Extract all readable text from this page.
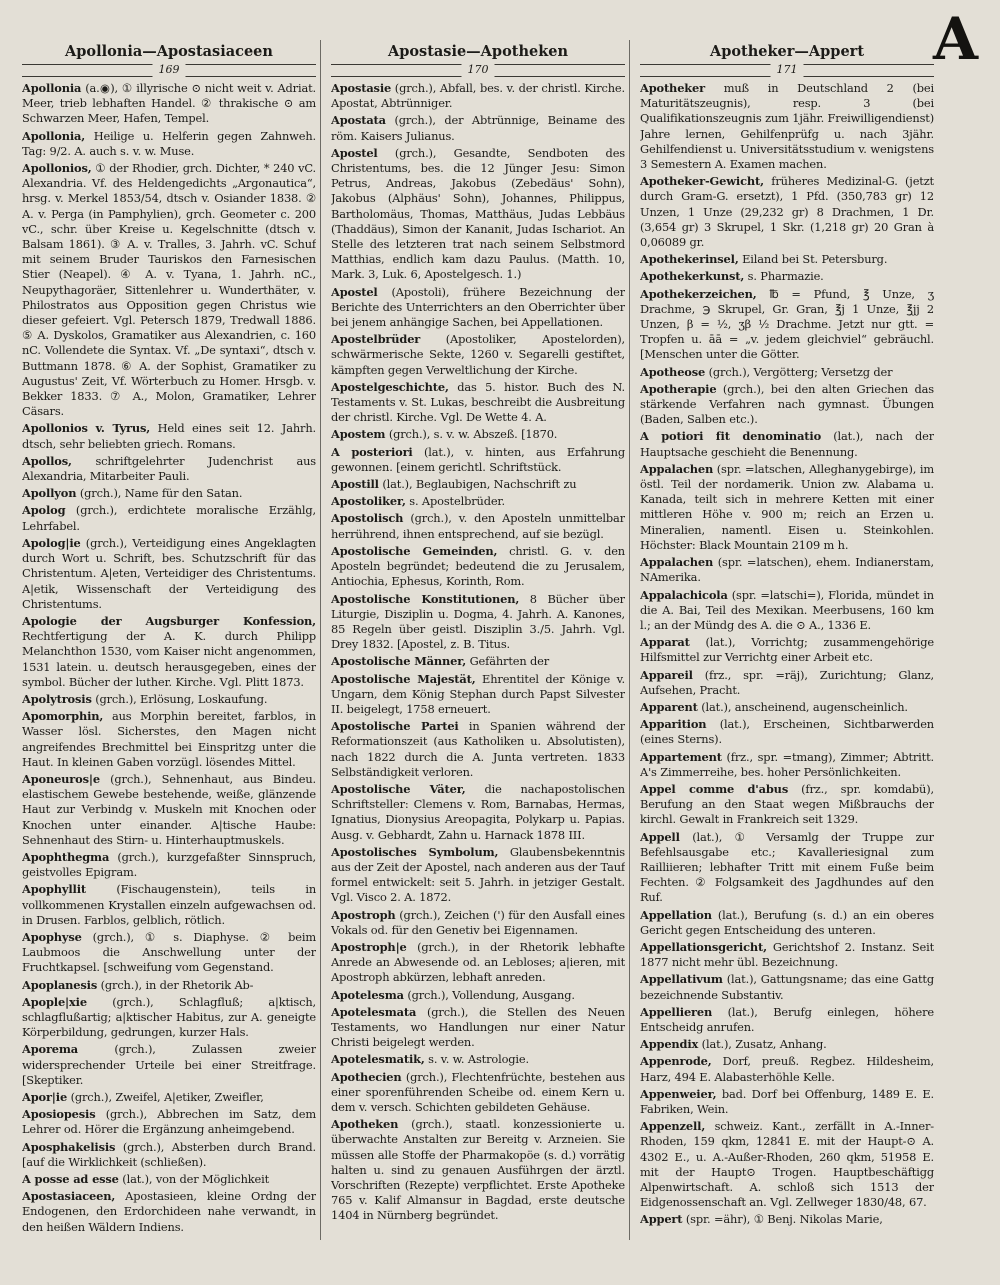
A
Apollonia—Apostasiaceen
169

Apollonia (a.◉), ① illyrische ⊙ nicht weit v. Adriat. Meer, trieb lebhaften Handel. ② thrakische ⊙ am Schwarzen Meer, Hafen, Tempel.

Apollonia, Heilige u. Helferin gegen Zahnweh. Tag: 9/2. A. auch s. v. w. Muse.

Apollonios, ① der Rhodier, grch. Dichter, * 240 vC. Alexandria. Vf. des Heldengedichts „Argonautica“, hrsg. v. Merkel 1853/54, dtsch v. Osiander 1838. ② A. v. Perga (in Pamphylien), grch. Geometer c. 200 vC., schr. über Kreise u. Kegelschnitte (dtsch v. Balsam 1861). ③ A. v. Tralles, 3. Jahrh. vC. Schuf mit seinem Bruder Tauriskos den Farnesischen Stier (Neapel). ④ A. v. Tyana, 1. Jahrh. nC., Neupythagoräer, Sittenlehrer u. Wunderthäter, v. Philostratos aus Opposition gegen Christus wie dieser gefeiert. Vgl. Petersch 1879, Tredwall 1886. ⑤ A. Dyskolos, Gramatiker aus Alexandrien, c. 160 nC. Vollendete die Syntax. Vf. „De syntaxi“, dtsch v. Buttmann 1878. ⑥ A. der Sophist, Gramatiker zu Augustus' Zeit, Vf. Wörterbuch zu Homer. Hrsgb. v. Bekker 1833. ⑦ A., Molon, Gramatiker, Lehrer Cäsars.

Apollonios v. Tyrus, Held eines seit 12. Jahrh. dtsch, sehr beliebten griech. Romans.

Apollos, schriftgelehrter Judenchrist aus Alexandria, Mitarbeiter Pauli.

Apollyon (grch.), Name für den Satan.

Apolog (grch.), erdichtete moralische Erzählg, Lehrfabel.

Apolog|ie (grch.), Verteidigung eines Angeklagten durch Wort u. Schrift, bes. Schutzschrift für das Christentum. A|eten, Verteidiger des Christentums. A|etik, Wissenschaft der Verteidigung des Christentums.

Apologie der Augsburger Konfession, Rechtfertigung der A. K. durch Philipp Melanchthon 1530, vom Kaiser nicht angenommen, 1531 latein. u. deutsch herausgegeben, eines der symbol. Bücher der luther. Kirche. Vgl. Plitt 1873.

Apolytrosis (grch.), Erlösung, Loskaufung.

Apomorphin, aus Morphin bereitet, farblos, in Wasser lösl. Sicherstes, den Magen nicht angreifendes Brechmittel bei Einspritzg unter die Haut. In kleinen Gaben vorzügl. lösendes Mittel.

Aponeuros|e (grch.), Sehnenhaut, aus Bindeu. elastischem Gewebe bestehende, weiße, glänzende Haut zur Verbindg v. Muskeln mit Knochen oder Knochen unter einander. A|tische Haube: Sehnenhaut des Stirn- u. Hinterhauptmuskels.

Apophthegma (grch.), kurzgefaßter Sinnspruch, geistvolles Epigram.

Apophyllit	(Fischaugenstein), teils in vollkommenen Krystallen einzeln aufgewachsen od. in Drusen. Farblos, gelblich, rötlich.

Apophyse (grch.), ① s. Diaphyse. ② beim Laubmoos die Anschwellung unter der Fruchtkapsel. [schweifung vom Gegenstand.

Apoplanesis (grch.), in der Rhetorik Ab-

Apople|xie (grch.), Schlagfluß; a|ktisch, schlagflußartig; a|ktischer Habitus, zur A. geneigte Körperbildung, gedrungen, kurzer Hals.

Aporema	(grch.), Zulassen zweier widersprechender Urteile bei einer Streitfrage. [Skeptiker.

Apor|ie (grch.), Zweifel, A|etiker, Zweifler,

Aposiopesis (grch.), Abbrechen im Satz, dem Lehrer od. Hörer die Ergänzung anheimgebend.

Aposphakelisis (grch.), Absterben durch Brand. [auf die Wirklichkeit (schließen).

A posse ad esse (lat.), von der Möglichkeit

Apostasiaceen, Apostasieen, kleine Ordng der Endogenen, den Erdorchideen nahe verwandt, in den heißen Wäldern Indiens.

Apostasie—Apotheken
170

Apostasie (grch.), Abfall, bes. v. der christl. Kirche. Apostat, Abtrünniger.

Apostata (grch.), der Abtrünnige, Beiname des röm. Kaisers Julianus.

Apostel (grch.), Gesandte, Sendboten des Christentums, bes. die 12 Jünger Jesu: Simon Petrus, Andreas, Jakobus (Zebedäus' Sohn), Jakobus (Alphäus' Sohn), Johannes, Philippus, Bartholomäus, Thomas, Matthäus, Judas Lebbäus (Thaddäus), Simon der Kananit, Judas Ischariot. An Stelle des letzteren trat nach seinem Selbstmord Matthias, endlich kam dazu Paulus. (Matth. 10, Mark. 3, Luk. 6, Apostelgesch. 1.)

Apostel (Apostoli), frühere Bezeichnung der Berichte des Unterrichters an den Oberrichter über bei jenem anhängige Sachen, bei Appellationen.

Apostelbrüder (Apostoliker, Apostelorden), schwärmerische Sekte, 1260 v. Segarelli gestiftet, kämpften gegen Verweltlichung der Kirche.

Apostelgeschichte, das 5. histor. Buch des N. Testaments v. St. Lukas, beschreibt die Ausbreitung der christl. Kirche. Vgl. De Wette 4. A.

Apostem (grch.), s. v. w. Abszeß. [1870.

A posteriori (lat.), v. hinten, aus Erfahrung gewonnen. [einem gerichtl. Schriftstück.

Apostill (lat.), Beglaubigen, Nachschrift zu

Apostoliker, s. Apostelbrüder.

Apostolisch (grch.), v. den Aposteln unmittelbar herrührend, ihnen entsprechend, auf sie bezügl.

Apostolische Gemeinden, christl. G. v. den Aposteln begründet; bedeutend die zu Jerusalem, Antiochia, Ephesus, Korinth, Rom.

Apostolische Konstitutionen, 8 Bücher über Liturgie, Disziplin u. Dogma, 4. Jahrh. A. Kanones, 85 Regeln über geistl. Disziplin 3./5. Jahrh. Vgl. Drey 1832. [Apostel, z. B. Titus.

Apostolische Männer, Gefährten der

Apostolische Majestät, Ehrentitel der Könige v. Ungarn, dem König Stephan durch Papst Silvester II. beigelegt, 1758 erneuert.

Apostolische Partei in Spanien während der Reformationszeit (aus Katholiken u. Absolutisten), nach 1822 durch die A. Junta vertreten. 1833 Selbständigkeit verloren.

Apostolische Väter, die nachapostolischen Schriftsteller: Clemens v. Rom, Barnabas, Hermas, Ignatius, Dionysius Areopagita, Polykarp u. Papias. Ausg. v. Gebhardt, Zahn u. Harnack 1878 III.

Apostolisches Symbolum, Glaubensbekenntnis aus der Zeit der Apostel, nach anderen aus der Tauf formel entwickelt: seit 5. Jahrh. in jetziger Gestalt. Vgl. Visco 2. A. 1872.

Apostroph (grch.), Zeichen (') für den Ausfall eines Vokals od. für den Genetiv bei Eigennamen.

Apostroph|e (grch.), in der Rhetorik lebhafte Anrede an Abwesende od. an Lebloses; a|ieren, mit Apostroph abkürzen, lebhaft anreden.

Apotelesma (grch.), Vollendung, Ausgang.

Apotelesmata (grch.), die Stellen des Neuen Testaments, wo Handlungen nur einer Natur Christi beigelegt werden.

Apotelesmatik, s. v. w. Astrologie.

Apothecien (grch.), Flechtenfrüchte, bestehen aus einer sporenführenden Scheibe od. einem Kern u. dem v. versch. Schichten gebildeten Gehäuse.

Apotheken (grch.), staatl. konzessionierte u. überwachte Anstalten zur Bereitg v. Arzneien. Sie müssen alle Stoffe der Pharmakopöe (s. d.) vorrätig halten u. sind zu genauen Ausführgen der ärztl. Vorschriften (Rezepte) verpflichtet. Erste Apotheke 765 v. Kalif Almansur in Bagdad, erste deutsche 1404 in Nürnberg begründet.

Apotheker—Appert
171

Apotheker muß in Deutschland 2 (bei Maturitätszeugnis), resp. 3 (bei Qualifikationszeugnis zum 1jähr. Freiwilligendienst) Jahre lernen, Gehilfenprüfg u. nach 3jähr. Gehilfendienst u. Universitätsstudium v. wenigstens 3 Semestern A. Examen machen.

Apotheker-Gewicht, früheres Medizinal-G. (jetzt durch Gram-G. ersetzt), 1 Pfd. (350,783 gr) 12 Unzen, 1 Unze (29,232 gr) 8 Drachmen, 1 Dr. (3,654 gr) 3 Skrupel, 1 Skr. (1,218 gr) 20 Gran à 0,06089 gr.

Apothekerinsel, Eiland bei St. Petersburg.

Apothekerkunst, s. Pharmazie.

Apothekerzeichen, ℔ = Pfund, ℥ Unze, ʒ Drachme, ℈ Skrupel, Gr. Gran, ℥j 1 Unze, ℥jj 2 Unzen, β = ½, ʒβ ½ Drachme. Jetzt nur gtt. = Tropfen u. āā = „v. jedem gleichviel“ gebräuchl. [Menschen unter die Götter.

Apotheose (grch.), Vergötterg; Versetzg der

Apotherapie (grch.), bei den alten Griechen das stärkende Verfahren nach gymnast. Übungen (Baden, Salben etc.).

A potiori fit denominatio (lat.), nach der Hauptsache geschieht die Benennung.

Appalachen (spr. =latschen, Alleghanygebirge), im östl. Teil der nordamerik. Union zw. Alabama u. Kanada, teilt sich in mehrere Ketten mit einer mittleren Höhe v. 900 m; reich an Erzen u. Mineralien, namentl. Eisen u. Steinkohlen. Höchster: Black Mountain 2109 m h.

Appalachen (spr. =latschen), ehem. Indianerstam, NAmerika.

Appalachicola (spr. =latschi=), Florida, mündet in die A. Bai, Teil des Mexikan. Meerbusens, 160 km l.; an der Mündg des A. die ⊙ A., 1336 E.

Apparat (lat.), Vorrichtg; zusammengehörige Hilfsmittel zur Verrichtg einer Arbeit etc.

Appareil (frz., spr. =räj), Zurichtung; Glanz, Aufsehen, Pracht.

Apparent (lat.), anscheinend, augenscheinlich.

Apparition (lat.), Erscheinen, Sichtbarwerden (eines Sterns).

Appartement (frz., spr. =tmang), Zimmer; Abtritt. A's Zimmerreihe, bes. hoher Persönlichkeiten.

Appel comme d'abus (frz., spr. komdabü), Berufung an den Staat wegen Mißbrauchs der kirchl. Gewalt in Frankreich seit 1329.

Appell (lat.), ① Versamlg der Truppe zur Befehlsausgabe etc.; Kavalleriesignal zum Railliieren; lebhafter Tritt mit einem Fuße beim Fechten. ② Folgsamkeit des Jagdhundes auf den Ruf.

Appellation (lat.), Berufung (s. d.) an ein oberes Gericht gegen Entscheidung des unteren.

Appellationsgericht, Gerichtshof 2. Instanz. Seit 1877 nicht mehr übl. Bezeichnung.

Appellativum (lat.), Gattungsname; das eine Gattg bezeichnende Substantiv.

Appellieren (lat.), Berufg einlegen, höhere Entscheidg anrufen.

Appendix (lat.), Zusatz, Anhang.

Appenrode, Dorf, preuß. Regbez. Hildesheim, Harz, 494 E. Alabasterhöhle Kelle.

Appenweier, bad. Dorf bei Offenburg, 1489 E. E. Fabriken, Wein.

Appenzell, schweiz. Kant., zerfällt in A.-Inner-Rhoden, 159 qkm, 12841 E. mit der Haupt-⊙ A. 4302 E., u. A.-Außer-Rhoden, 260 qkm, 51958 E. mit der Haupt⊙ Trogen. Hauptbeschäftigg Alpenwirtschaft. A. schloß sich 1513 der Eidgenossenschaft an. Vgl. Zellweger 1830/48, 67.

Appert (spr. =ähr), ① Benj. Nikolas Marie,
